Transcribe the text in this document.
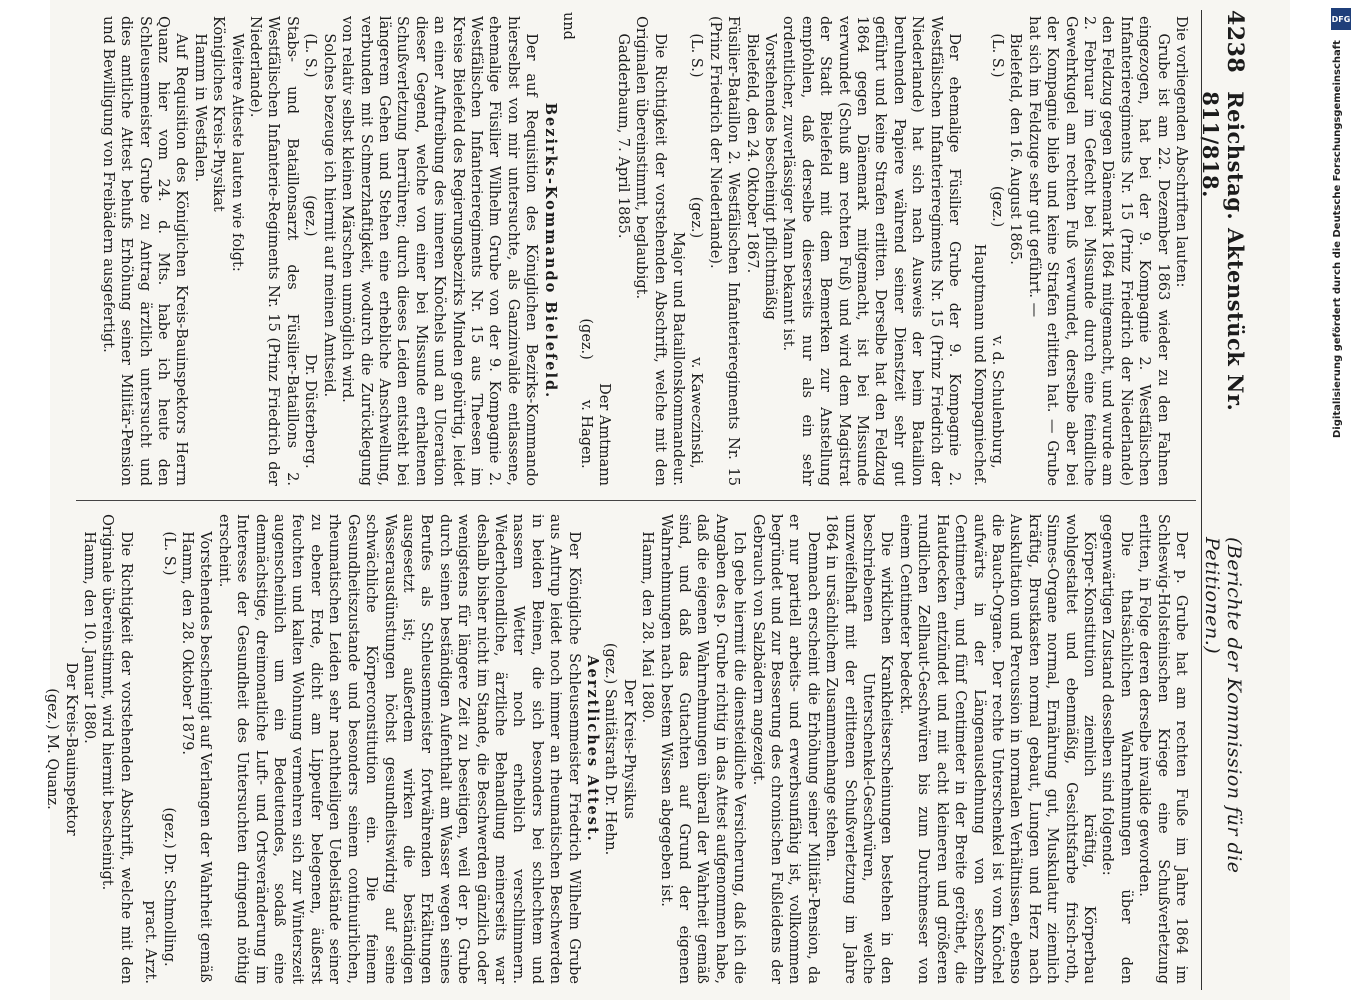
4238
Reichstag. Aktenstück Nr. 811/818.
(Berichte der Kommission für die Petitionen.)

Die vorliegenden Abschriften lauten:

Grube ist am 22. Dezember 1863 wieder zu den Fahnen eingezogen, hat bei der 9. Kompagnie 2. Westfälischen Infanterieregiments Nr. 15 (Prinz Friedrich der Niederlande) den Feldzug gegen Dänemark 1864 mitgemacht, und wurde am 2. Februar im Gefecht bei Missunde durch eine feindliche Gewehrkugel am rechten Fuß verwundet, derselbe aber bei der Kompagnie blieb und keine Strafen erlitten hat. — Grube hat sich im Feldzuge sehr gut geführt. —

Bielefeld, den 16. August 1865.

(L. S.)
(gez.)
v. d. Schulenburg,

Hauptmann und Kompagniechef.

Der ehemalige Füsilier Grube der 9. Kompagnie 2. Westfälischen Infanterieregiments Nr. 15 (Prinz Friedrich der Niederlande) hat sich nach Ausweis der beim Bataillon beruhenden Papiere während seiner Dienstzeit sehr gut geführt und keine Strafen erlitten. Derselbe hat den Feldzug 1864 gegen Dänemark mitgemacht, ist bei Missunde verwundet (Schuß am rechten Fuß) und wird dem Magistrat der Stadt Bielefeld mit dem Bemerken zur Anstellung empfohlen, daß derselbe dieserseits nur als ein sehr ordentlicher, zuverlässiger Mann bekannt ist.

Vorstehendes bescheinigt pflichtmäßig

Bielefeld, den 24. Oktober 1867.

Füsilier-Bataillon 2. Westfälischen Infanterieregiments Nr. 15 (Prinz Friedrich der Niederlande).

(L. S.)
(gez.)
v. Kaweczinski,

Major und Bataillonskommandeur.

Die Richtigkeit der vorstehenden Abschrift, welche mit den Originalen übereinstimmt, beglaubigt.

Gadderbaum, 7. April 1885.

Der Amtmann

(gez.)
v. Hagen.
und

Bezirks-Kommando Bielefeld.

Der auf Requisition des Königlichen Bezirks-Kommando hierselbst von mir untersuchte, als Ganzinvalide entlassene, ehemalige Füsilier Wilhelm Grube von der 9. Kompagnie 2. Westfälischen Infanterieregiments Nr. 15 aus Theesen im Kreise Bielefeld des Regierungsbezirks Minden gebürtig, leidet an einer Auftreibung des inneren Knöchels und an Ulceration dieser Gegend, welche von einer bei Missunde erhaltenen Schußverletzung herrühren; durch dieses Leiden entsteht bei längerem Gehen und Stehen eine erhebliche Anschwellung, verbunden mit Schmerzhaftigkeit, wodurch die Zurücklegung von relativ selbst kleinen Märschen unmöglich wird.

Solches bezeuge ich hiermit auf meinen Amtseid.

(L. S.)
(gez.)
Dr. Düsterberg.

Stabs- und Bataillonsarzt des Füsilier-Bataillons 2. Westfälischen Infanterie-Regiments Nr. 15 (Prinz Friedrich der Niederlande).

Weitere Atteste lauten wie folgt:

Königliches Kreis-Physikat

Hamm in Westfalen.

Auf Requisition des Königlichen Kreis-Bauinspektors Herrn Quanz hier vom 24. d. Mts. habe ich heute den Schleusenmeister Grube zu Antrag ärztlich untersucht und dies amtliche Attest behufs Erhöhung seiner Militär-Pension und Bewilligung von Freibädern ausgefertigt.

Der p. Grube hat am rechten Fuße im Jahre 1864 im Schleswig-Holsteinischen Kriege eine Schußverletzung erlitten, in Folge deren derselbe invalide geworden.

Die thatsächlichen Wahrnehmungen über den gegenwärtigen Zustand desselben sind folgende:

Körper-Konstitution ziemlich kräftig, Körperbau wohlgestaltet und ebenmäßig, Gesichtsfarbe frisch-roth, Sinnes-Organe normal, Ernährung gut, Muskulatur ziemlich kräftig, Brustkasten normal gebaut, Lungen und Herz nach Auskultation und Percussion in normalen Verhältnissen, ebenso die Bauch-Organe. Der rechte Unterschenkel ist vom Knöchel aufwärts in der Längenausdehnung von sechszehn Centimetern, und fünf Centimeter in der Breite geröthet, die Hautdecken entzündet und mit acht kleineren und größeren rundlichen Zellhaut-Geschwüren bis zum Durchmesser von einem Centimeter bedeckt.

Die wirklichen Krankheitserscheinungen bestehen in den beschriebenen Unterschenkel-Geschwüren, welche unzweifelhaft mit der erlittenen Schußverletzung im Jahre 1864 in ursächlichem Zusammenhange stehen.

Demnach erscheint die Erhöhung seiner Militär-Pension, da er nur partiell arbeits- und erwerbsunfähig ist, vollkommen begründet und zur Besserung des chronischen Fußleidens der Gebrauch von Salzbädern angezeigt.

Ich gebe hiermit die diensteidliche Versicherung, daß ich die Angaben des p. Grube richtig in das Attest aufgenommen habe, daß die eigenen Wahrnehmungen überall der Wahrheit gemäß sind, und daß das Gutachten auf Grund der eigenen Wahrnehmungen nach bestem Wissen abgegeben ist.

Hamm, den 28. Mai 1880.

Der Kreis-Physikus

(gez.) Sanitätsrath Dr. Hehn.

Aerztliches Attest.

Der Königliche Schleusenmeister Friedrich Wilhelm Grube aus Antrup leidet noch immer an rheumatischen Beschwerden in beiden Beinen, die sich besonders bei schlechtem und nassem Wetter noch erheblich verschlimmern. Wiederholendliche, ärztliche Behandlung meinerseits war deshalb bisher nicht im Stande, die Beschwerden gänzlich oder wenigstens für längere Zeit zu beseitigen, weil der p. Grube durch seinen beständigen Aufenthalt am Wasser wegen seines Berufes als Schleusenmeister fortwährenden Erkältungen ausgesetzt ist; außerdem wirken die beständigen Wasserausdünstungen höchst gesundheitswidrig auf seine schwächliche Körperconstitution ein. Die feinem Gesundheitszustande und besonders seinem continuirlichen, rheumatischen Leiden sehr nachtheiligen Uebelstände seiner zu ebener Erde, dicht am Lippeufer belegenen, äußerst feuchten und kalten Wohnung vermehren sich zur Winterszeit augenscheinlich um ein Bedeutendes, sodaß eine demnächstige, dreimonatliche Luft- und Ortsveränderung im Interesse der Gesundheit des Untersuchten dringend nöthig erscheint.

Vorstehendes bescheinigt auf Verlangen der Wahrheit gemäß

Hamm, den 28. Oktober 1879.

(L. S.)
(gez.) Dr. Schmolling.

pract. Arzt.

Die Richtigkeit der vorstehenden Abschrift, welche mit den Originale übereinstimmt, wird hiermit bescheinigt.

Hamm, den 10. Januar 1880.

Der Kreis-Bauinspektor

(gez.) M. Quanz.

DFG
Digitalisierung gefördert durch die Deutsche Forschungsgemeinschaft
